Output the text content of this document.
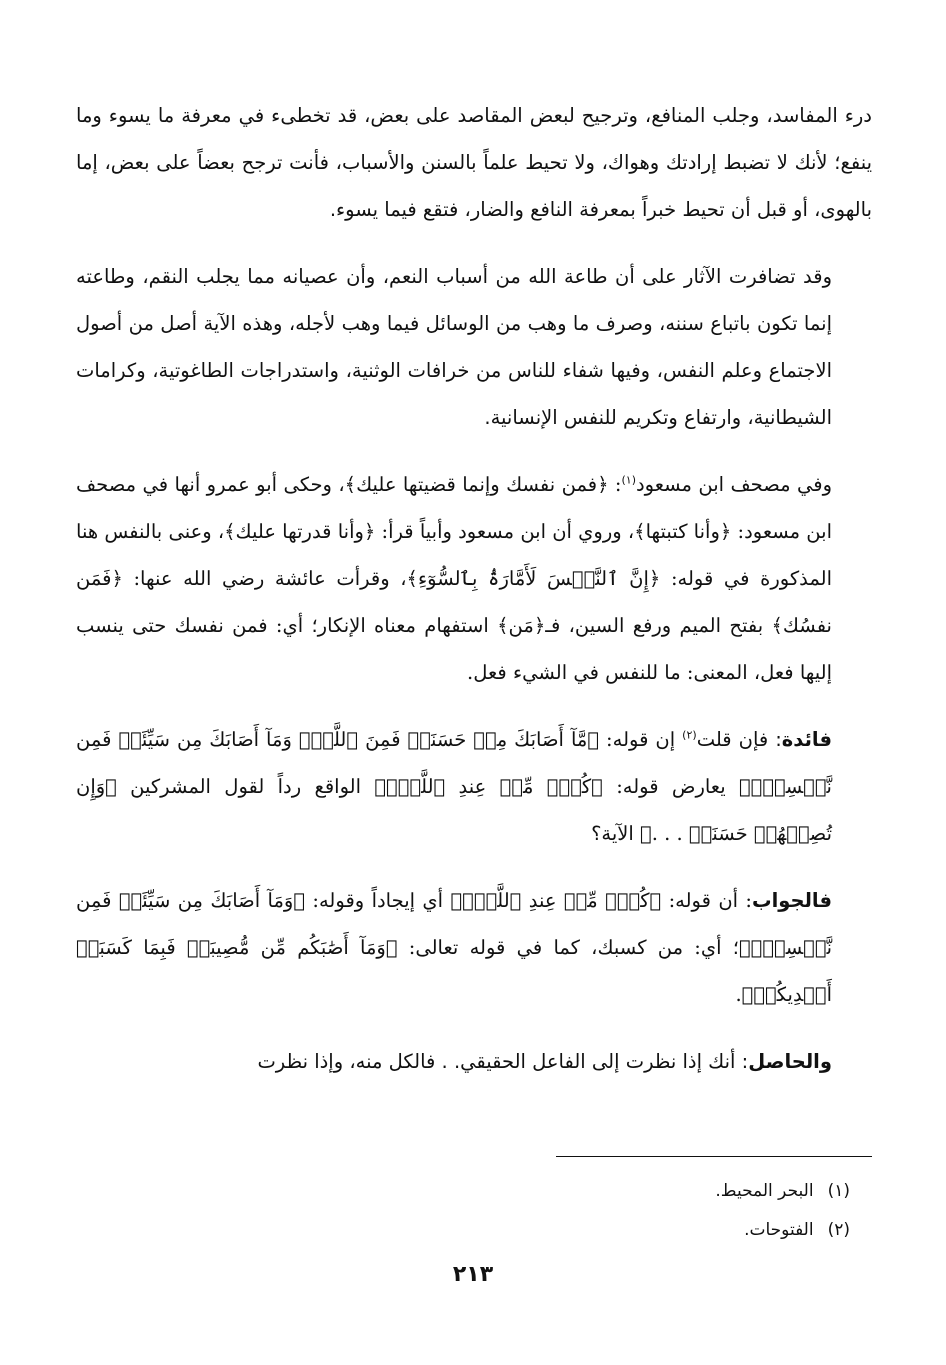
درء المفاسد، وجلب المنافع، وترجيح لبعض المقاصد على بعض، قد تخطىء في معرفة ما يسوء وما ينفع؛ لأنك لا تضبط إرادتك وهواك، ولا تحيط علماً بالسنن والأسباب، فأنت ترجح بعضاً على بعض، إما بالهوى، أو قبل أن تحيط خبراً بمعرفة النافع والضار، فتقع فيما يسوء.

وقد تضافرت الآثار على أن طاعة الله من أسباب النعم، وأن عصيانه مما يجلب النقم، وطاعته إنما تكون باتباع سننه، وصرف ما وهب من الوسائل فيما وهب لأجله، وهذه الآية أصل من أصول الاجتماع وعلم النفس، وفيها شفاء للناس من خرافات الوثنية، واستدراجات الطاغوتية، وكرامات الشيطانية، وارتفاع وتكريم للنفس الإنسانية.

وفي مصحف ابن مسعود$^{(١)}$: ﴿فمن نفسك وإنما قضيتها عليك﴾، وحكى أبو عمرو أنها في مصحف ابن مسعود: ﴿وأنا كتبتها﴾، وروي أن ابن مسعود وأبياً قرأ: ﴿وأنا قدرتها عليك﴾، وعنى بالنفس هنا المذكورة في قوله: ﴿إِنَّ ٱلنَّفۡسَ لَأَمَّارَةُۢ بِٱلسُّوٓءِ﴾، وقرأت عائشة رضي الله عنها: ﴿فَمَن نفسُك﴾ بفتح الميم ورفع السين، فـ﴿مَن﴾ استفهام معناه الإنكار؛ أي: فمن نفسك حتى ينسب إليها فعل، المعنى: ما للنفس في الشيء فعل.

فائدة: فإن قلت$^{(٢)}$ إن قوله: ﴿مَّآ أَصَابَكَ مِنۡ حَسَنَةٖ فَمِنَ ٱللَّهِۖ وَمَآ أَصَابَكَ مِن سَيِّئَةٖ فَمِن نَّفۡسِكَۚ﴾ يعارض قوله: ﴿كُلّٞ مِّنۡ عِندِ ٱللَّهِۖ﴾ الواقع رداً لقول المشركين ﴿وَإِن تُصِبۡهُمۡ حَسَنَةٞ . . .﴾ الآية؟

فالجواب: أن قوله: ﴿كُلّٞ مِّنۡ عِندِ ٱللَّهِۖ﴾ أي إيجاداً وقوله: ﴿وَمَآ أَصَابَكَ مِن سَيِّئَةٖ فَمِن نَّفۡسِكَۚ﴾؛ أي: من كسبك، كما في قوله تعالى: ﴿وَمَآ أَصَٰبَكُم مِّن مُّصِيبَةٖ فَبِمَا كَسَبَتۡ أَيۡدِيكُمۡ﴾.

والحاصل: أنك إذا نظرت إلى الفاعل الحقيقي. . فالكل منه، وإذا نظرت

(١)البحر المحيط.
(٢)الفتوحات.
٢١٣
